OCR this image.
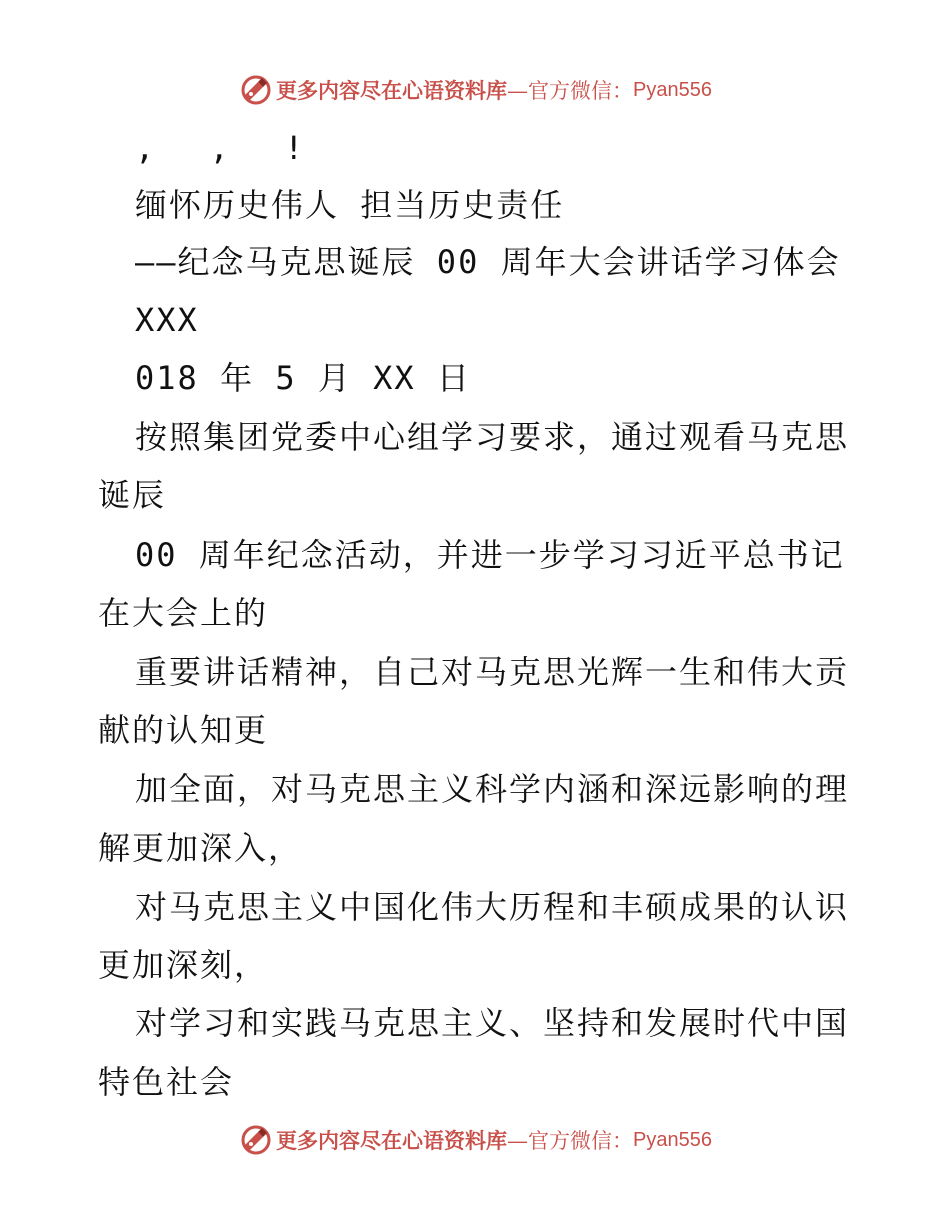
更多内容尽在心语资料库 —官方微信： Pyan556
, , !
缅怀历史伟人 担当历史责任
——纪念马克思诞辰 00 周年大会讲话学习体会
XXX
018 年 5 月 XX 日
按照集团党委中心组学习要求，通过观看马克思
诞辰
00 周年纪念活动，并进一步学习习近平总书记
在大会上的
重要讲话精神，自己对马克思光辉一生和伟大贡
献的认知更
加全面，对马克思主义科学内涵和深远影响的理
解更加深入，
对马克思主义中国化伟大历程和丰硕成果的认识
更加深刻，
对学习和实践马克思主义、坚持和发展时代中国
特色社会
更多内容尽在心语资料库 —官方微信： Pyan556
